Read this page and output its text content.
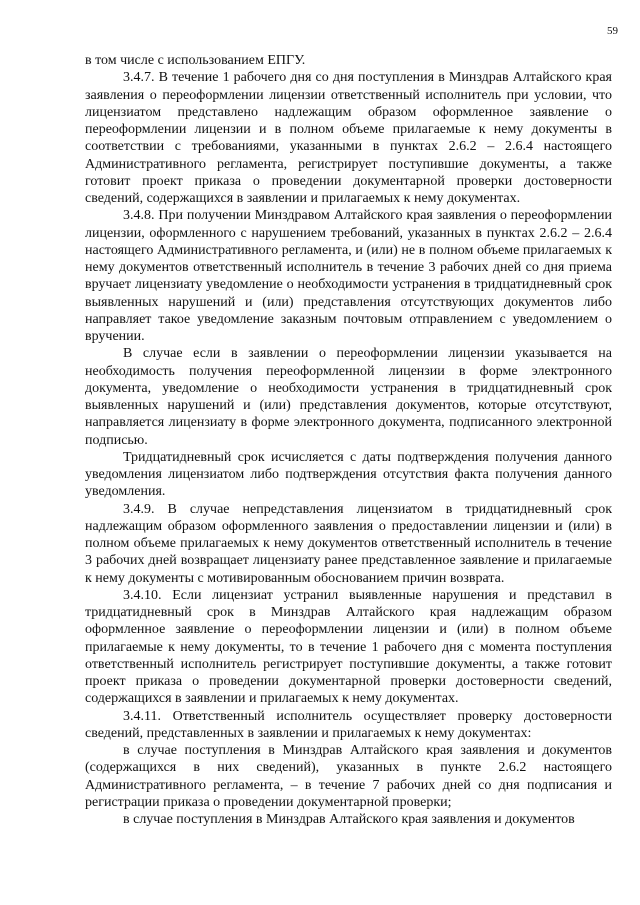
59

в том числе с использованием ЕПГУ.

3.4.7. В течение 1 рабочего дня со дня поступления в Минздрав Алтайского края заявления о переоформлении лицензии ответственный исполнитель при условии, что лицензиатом представлено надлежащим образом оформленное заявление о переоформлении лицензии и в полном объеме прилагаемые к нему документы в соответствии с требованиями, указанными в пунктах 2.6.2 – 2.6.4 настоящего Административного регламента, регистрирует поступившие документы, а также готовит проект приказа о проведении документарной проверки достоверности сведений, содержащихся в заявлении и прилагаемых к нему документах.

3.4.8. При получении Минздравом Алтайского края заявления о переоформлении лицензии, оформленного с нарушением требований, указанных в пунктах 2.6.2 – 2.6.4 настоящего Административного регламента, и (или) не в полном объеме прилагаемых к нему документов ответственный исполнитель в течение 3 рабочих дней со дня приема вручает лицензиату уведомление о необходимости устранения в тридцатидневный срок выявленных нарушений и (или) представления отсутствующих документов либо направляет такое уведомление заказным почтовым отправлением с уведомлением о вручении.

В случае если в заявлении о переоформлении лицензии указывается на необходимость получения переоформленной лицензии в форме электронного документа, уведомление о необходимости устранения в тридцатидневный срок выявленных нарушений и (или) представления документов, которые отсутствуют, направляется лицензиату в форме электронного документа, подписанного электронной подписью.

Тридцатидневный срок исчисляется с даты подтверждения получения данного уведомления лицензиатом либо подтверждения отсутствия факта получения данного уведомления.

3.4.9. В случае непредставления лицензиатом в тридцатидневный срок надлежащим образом оформленного заявления о предоставлении лицензии и (или) в полном объеме прилагаемых к нему документов ответственный исполнитель в течение 3 рабочих дней возвращает лицензиату ранее представленное заявление и прилагаемые к нему документы с мотивированным обоснованием причин возврата.

3.4.10. Если лицензиат устранил выявленные нарушения и представил в тридцатидневный срок в Минздрав Алтайского края надлежащим образом оформленное заявление о переоформлении лицензии и (или) в полном объеме прилагаемые к нему документы, то в течение 1 рабочего дня с момента поступления ответственный исполнитель регистрирует поступившие документы, а также готовит проект приказа о проведении документарной проверки достоверности сведений, содержащихся в заявлении и прилагаемых к нему документах.

3.4.11. Ответственный исполнитель осуществляет проверку достоверности сведений, представленных в заявлении и прилагаемых к нему документах:

в случае поступления в Минздрав Алтайского края заявления и документов (содержащихся в них сведений), указанных в пункте 2.6.2 настоящего Административного регламента, – в течение 7 рабочих дней со дня подписания и регистрации приказа о проведении документарной проверки;

в случае поступления в Минздрав Алтайского края заявления и документов
